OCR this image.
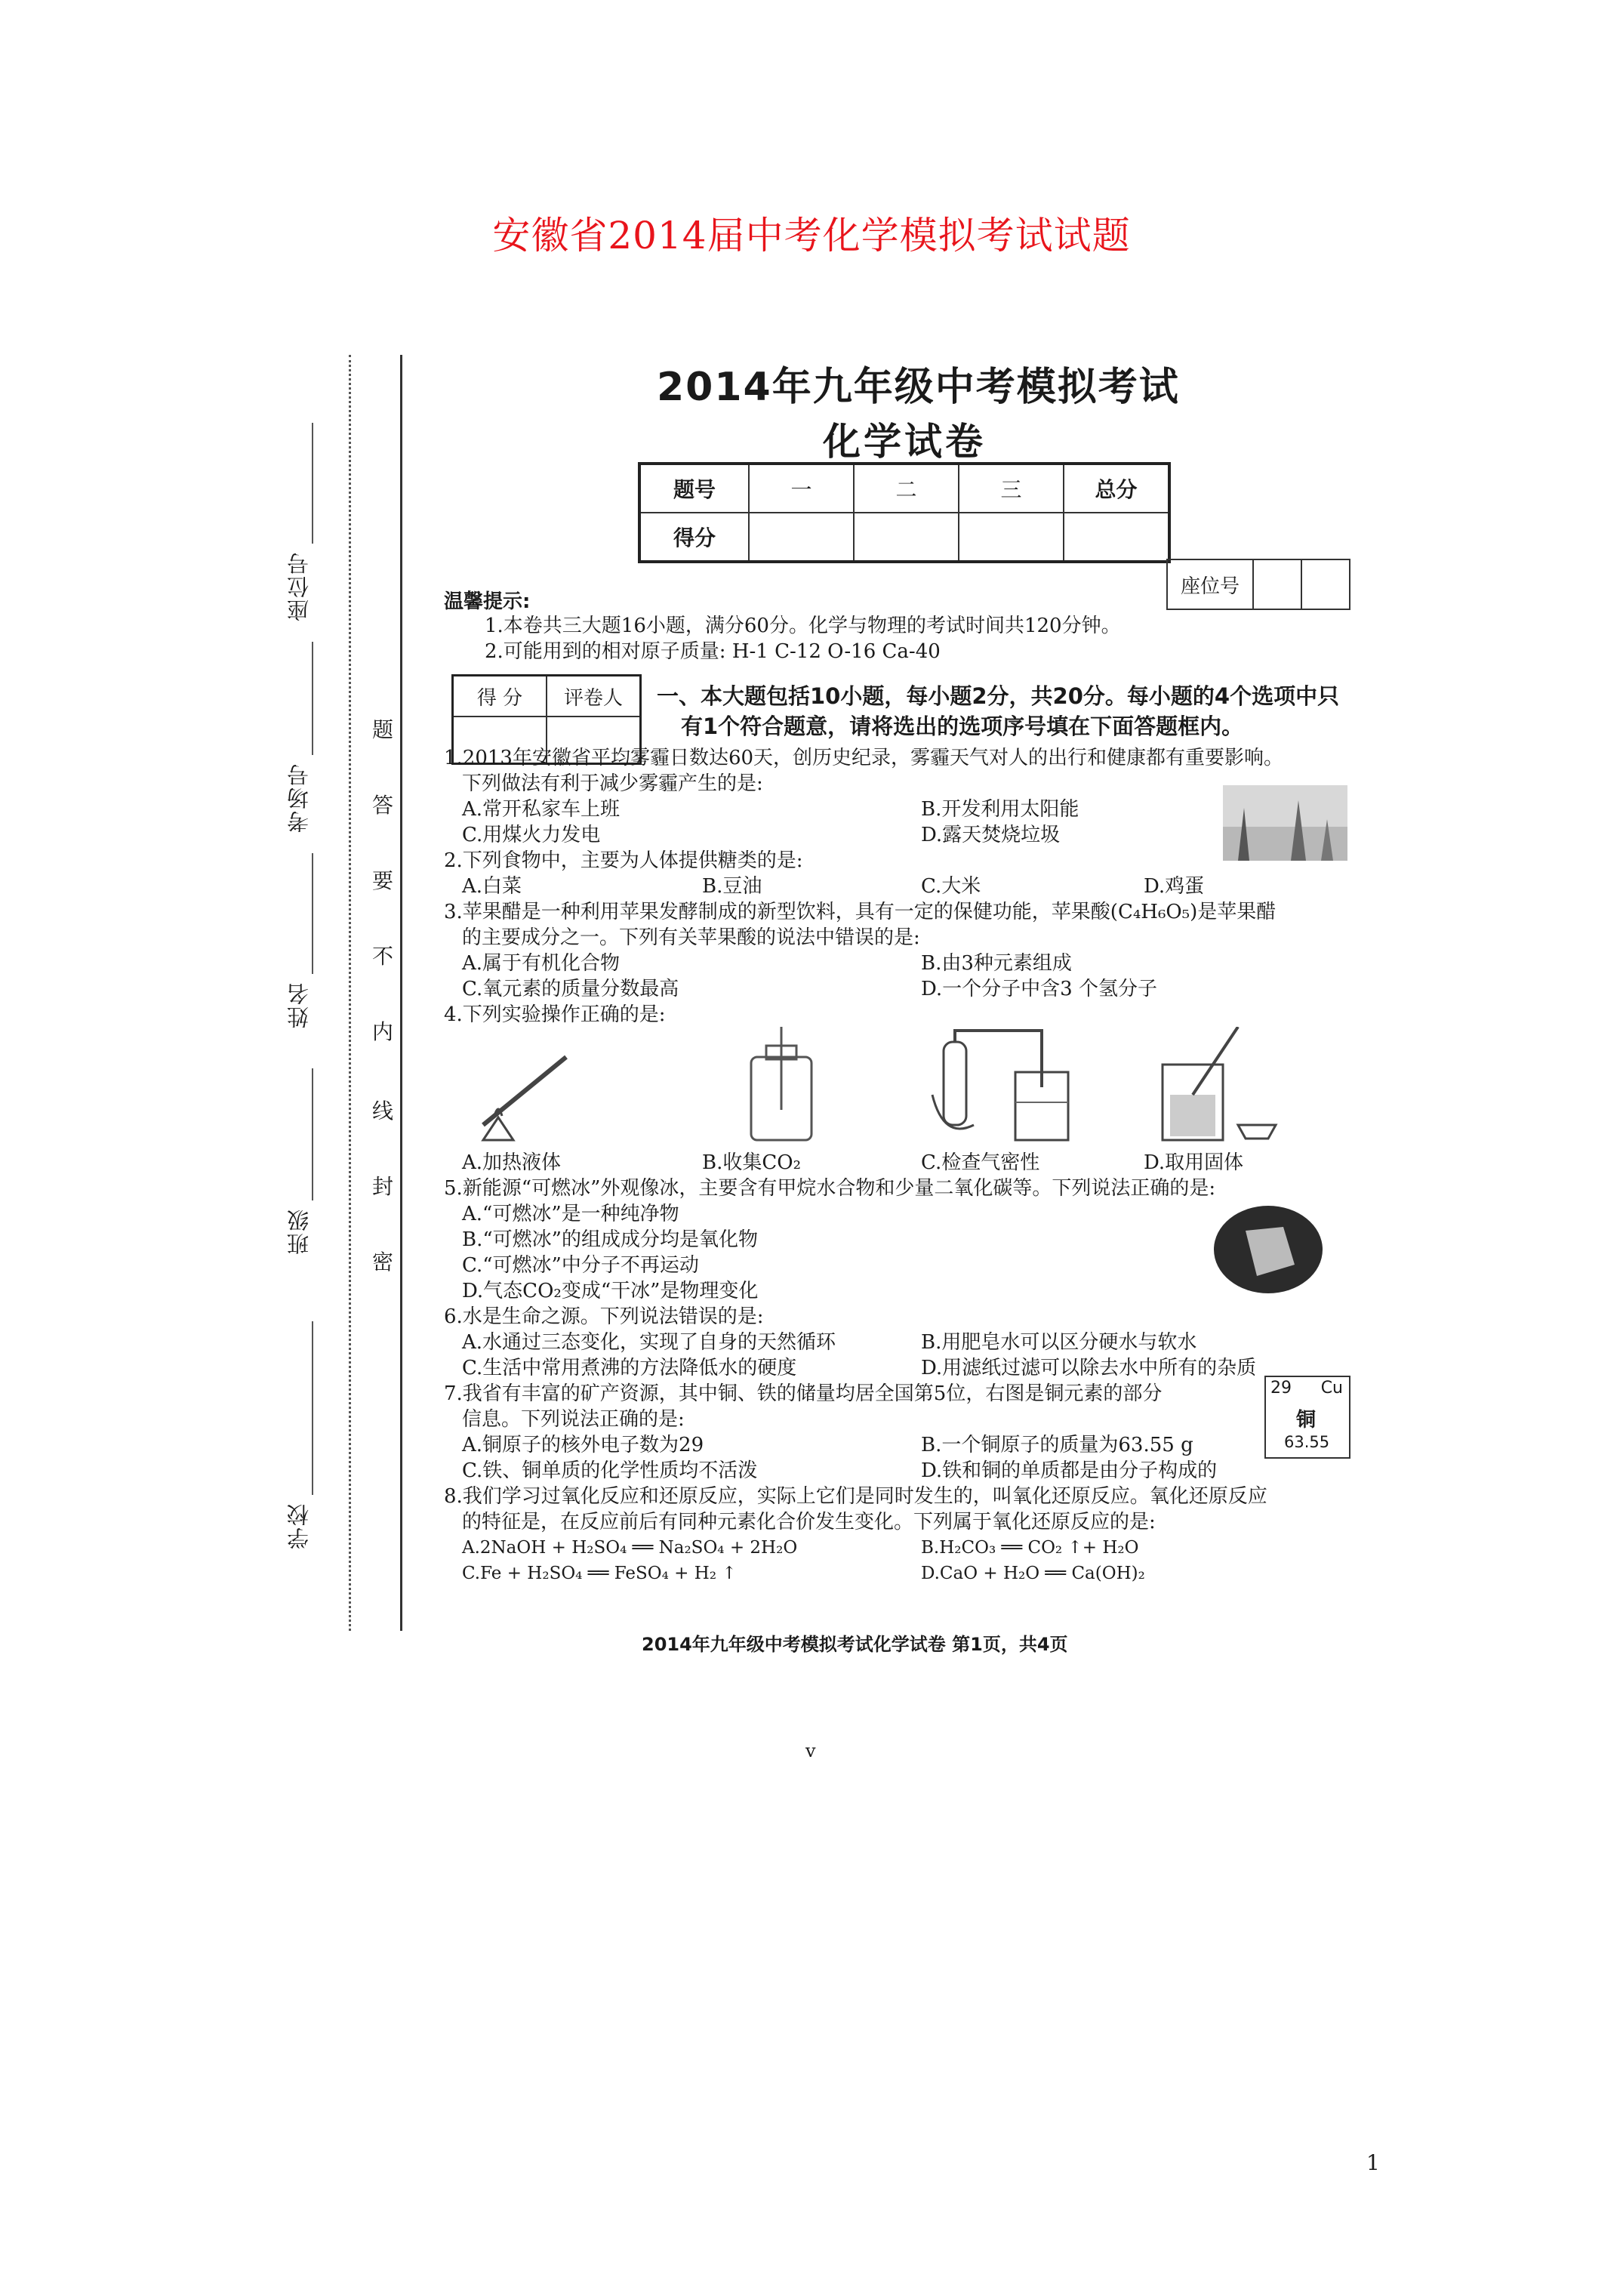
安徽省2014届中考化学模拟考试试题
座位号
考场号
姓名
班级
学校
题
答
要
不
内
线
封
密
2014年九年级中考模拟考试
化学试卷
题号	一	二	三	总分
得分				
座位号		
温馨提示:
1.本卷共三大题16小题，满分60分。化学与物理的考试时间共120分钟。
2.可能用到的相对原子质量: H-1 C-12 O-16 Ca-40
得 分	评卷人
	一、本大题包括10小题，每小题2分，共20分。每小题的4个选项中只
有1个符合题意，请将选出的选项序号填在下面答题框内。
1.2013年安徽省平均雾霾日数达60天，创历史纪录，雾霾天气对人的出行和健康都有重要影响。
下列做法有利于减少雾霾产生的是:
A.常开私家车上班	B.开发利用太阳能
C.用煤火力发电	D.露天焚烧垃圾
2.下列食物中，主要为人体提供糖类的是:
A.白菜	B.豆油	C.大米	D.鸡蛋
3.苹果醋是一种利用苹果发酵制成的新型饮料，具有一定的保健功能，苹果酸(C₄H₆O₅)是苹果醋
的主要成分之一。下列有关苹果酸的说法中错误的是:
A.属于有机化合物	B.由3种元素组成
C.氧元素的质量分数最高	D.一个分子中含3 个氢分子
4.下列实验操作正确的是:
A.加热液体	B.收集CO₂	C.检查气密性	D.取用固体
5.新能源“可燃冰”外观像冰，主要含有甲烷水合物和少量二氧化碳等。下列说法正确的是:
A.“可燃冰”是一种纯净物
B.“可燃冰”的组成成分均是氧化物
C.“可燃冰”中分子不再运动
D.气态CO₂变成“干冰”是物理变化
6.水是生命之源。下列说法错误的是:
A.水通过三态变化，实现了自身的天然循环	B.用肥皂水可以区分硬水与软水
C.生活中常用煮沸的方法降低水的硬度	D.用滤纸过滤可以除去水中所有的杂质
7.我省有丰富的矿产资源，其中铜、铁的储量均居全国第5位，右图是铜元素的部分
信息。下列说法正确的是:
A.铜原子的核外电子数为29	B.一个铜原子的质量为63.55 g
C.铁、铜单质的化学性质均不活泼	D.铁和铜的单质都是由分子构成的
29 Cu
铜
63.55
8.我们学习过氧化反应和还原反应，实际上它们是同时发生的，叫氧化还原反应。氧化还原反应
的特征是，在反应前后有同种元素化合价发生变化。下列属于氧化还原反应的是:
A.2NaOH + H₂SO₄ ══ Na₂SO₄ + 2H₂O	B.H₂CO₃ ══ CO₂ ↑+ H₂O
C.Fe + H₂SO₄ ══ FeSO₄ + H₂ ↑	D.CaO + H₂O ══ Ca(OH)₂
2014年九年级中考模拟考试化学试卷 第1页，共4页
v
1
